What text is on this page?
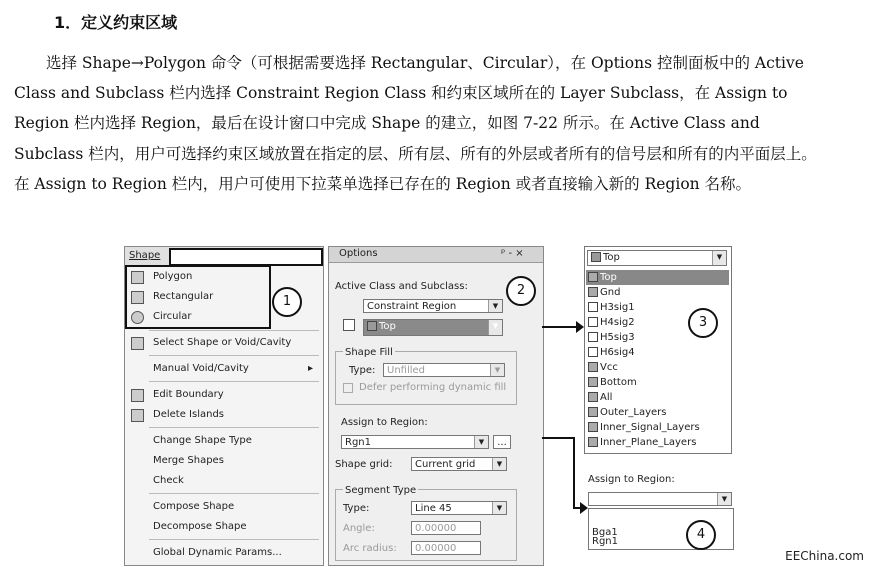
1．定义约束区域

选择 Shape→Polygon 命令（可根据需要选择 Rectangular、Circular），在 Options 控制面板中的 Active Class and Subclass 栏内选择 Constraint Region Class 和约束区域所在的 Layer Subclass，在 Assign to Region 栏内选择 Region，最后在设计窗口中完成 Shape 的建立，如图 7-22 所示。在 Active Class and Subclass 栏内，用户可选择约束区域放置在指定的层、所有层、所有的外层或者所有的信号层和所有的内平面层上。在 Assign to Region 栏内，用户可使用下拉菜单选择已存在的 Region 或者直接输入新的 Region 名称。

Shape
Polygon
Rectangular
Circular
Select Shape or Void/Cavity
Manual Void/Cavity	▸
Edit Boundary
Delete Islands
Change Shape Type
Merge Shapes
Check
Compose Shape
Decompose Shape
Global Dynamic Params...
1
Options	ᵖ - ×
Active Class and Subclass:
Constraint Region	▼
Top	▼
Shape Fill
Type:	Unfilled	▼
Defer performing dynamic fill
Assign to Region:
Rgn1	▼	...
Shape grid:	Current grid	▼
Segment Type
Type:	Line 45	▼
Angle:	0.00000
Arc radius:	0.00000
2
Top	▼
Top
Gnd
H3sig1
H4sig2
H5sig3
H6sig4
Vcc
Bottom
All
Outer_Layers
Inner_Signal_Layers
Inner_Plane_Layers
3
Assign to Region:
▼
Bga1
Rgn1	4
EEChina.com
